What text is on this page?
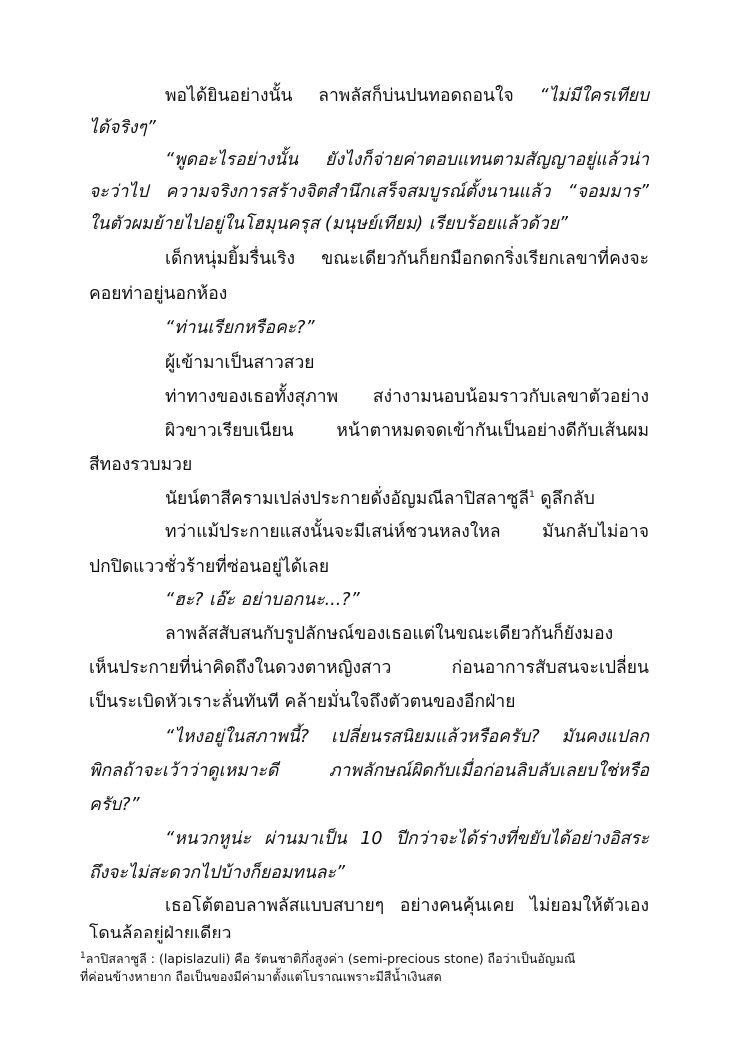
พอได้ยินอย่างนั้น ลาพลัสก็บ่นปนทอดถอนใจ “ไม่มีใครเทียบ
ได้จริงๆ”
“พูดอะไรอย่างนั้น ยังไงก็จ่ายค่าตอบแทนตามสัญญาอยู่แล้วน่า
จะว่าไป ความจริงการสร้างจิตสำนึกเสร็จสมบูรณ์ตั้งนานแล้ว “จอมมาร”
ในตัวผมย้ายไปอยู่ในโฮมุนครุส (มนุษย์เทียม) เรียบร้อยแล้วด้วย”
เด็กหนุ่มยิ้มรื่นเริง ขณะเดียวกันก็ยกมือกดกริ่งเรียกเลขาที่คงจะ
คอยท่าอยู่นอกห้อง
“ท่านเรียกหรือคะ?”
ผู้เข้ามาเป็นสาวสวย
ท่าทางของเธอทั้งสุภาพ สง่างามนอบน้อมราวกับเลขาตัวอย่าง
ผิวขาวเรียบเนียน หน้าตาหมดจดเข้ากันเป็นอย่างดีกับเส้นผม
สีทองรวบมวย
นัยน์ตาสีครามเปล่งประกายดั่งอัญมณีลาปิสลาซูลี$^1$ ดูลึกลับ
ทว่าแม้ประกายแสงนั้นจะมีเสน่ห์ชวนหลงใหล มันกลับไม่อาจ
ปกปิดแววชั่วร้ายที่ซ่อนอยู่ได้เลย
“ฮะ? เอ๊ะ อย่าบอกนะ...?”
ลาพลัสสับสนกับรูปลักษณ์ของเธอแต่ในขณะเดียวกันก็ยังมอง
เห็นประกายที่น่าคิดถึงในดวงตาหญิงสาว ก่อนอาการสับสนจะเปลี่ยน
เป็นระเบิดหัวเราะลั่นทันที คล้ายมั่นใจถึงตัวตนของอีกฝ่าย
“ไหงอยู่ในสภาพนี้? เปลี่ยนรสนิยมแล้วหรือครับ? มันคงแปลก
พิกลถ้าจะเว้าว่าดูเหมาะดี ภาพลักษณ์ผิดกับเมื่อก่อนลิบลับเลยบใช่หรือ
ครับ?”
“หนวกหูน่ะ ผ่านมาเป็น 10 ปีกว่าจะได้ร่างที่ขยับได้อย่างอิสระ
ถึงจะไม่สะดวกไปบ้างก็ยอมทนละ”
เธอโต้ตอบลาพลัสแบบสบายๆ อย่างคนคุ้นเคย ไม่ยอมให้ตัวเอง
โดนล้ออยู่ฝ่ายเดียว
$^1$ลาปิสลาซูลี : (lapislazuli) คือ รัตนชาติกึ่งสูงค่า (semi-precious stone) ถือว่าเป็นอัญมณี
ที่ค่อนข้างหายาก ถือเป็นของมีค่ามาตั้งแต่โบราณเพราะมีสีน้ำเงินสด
